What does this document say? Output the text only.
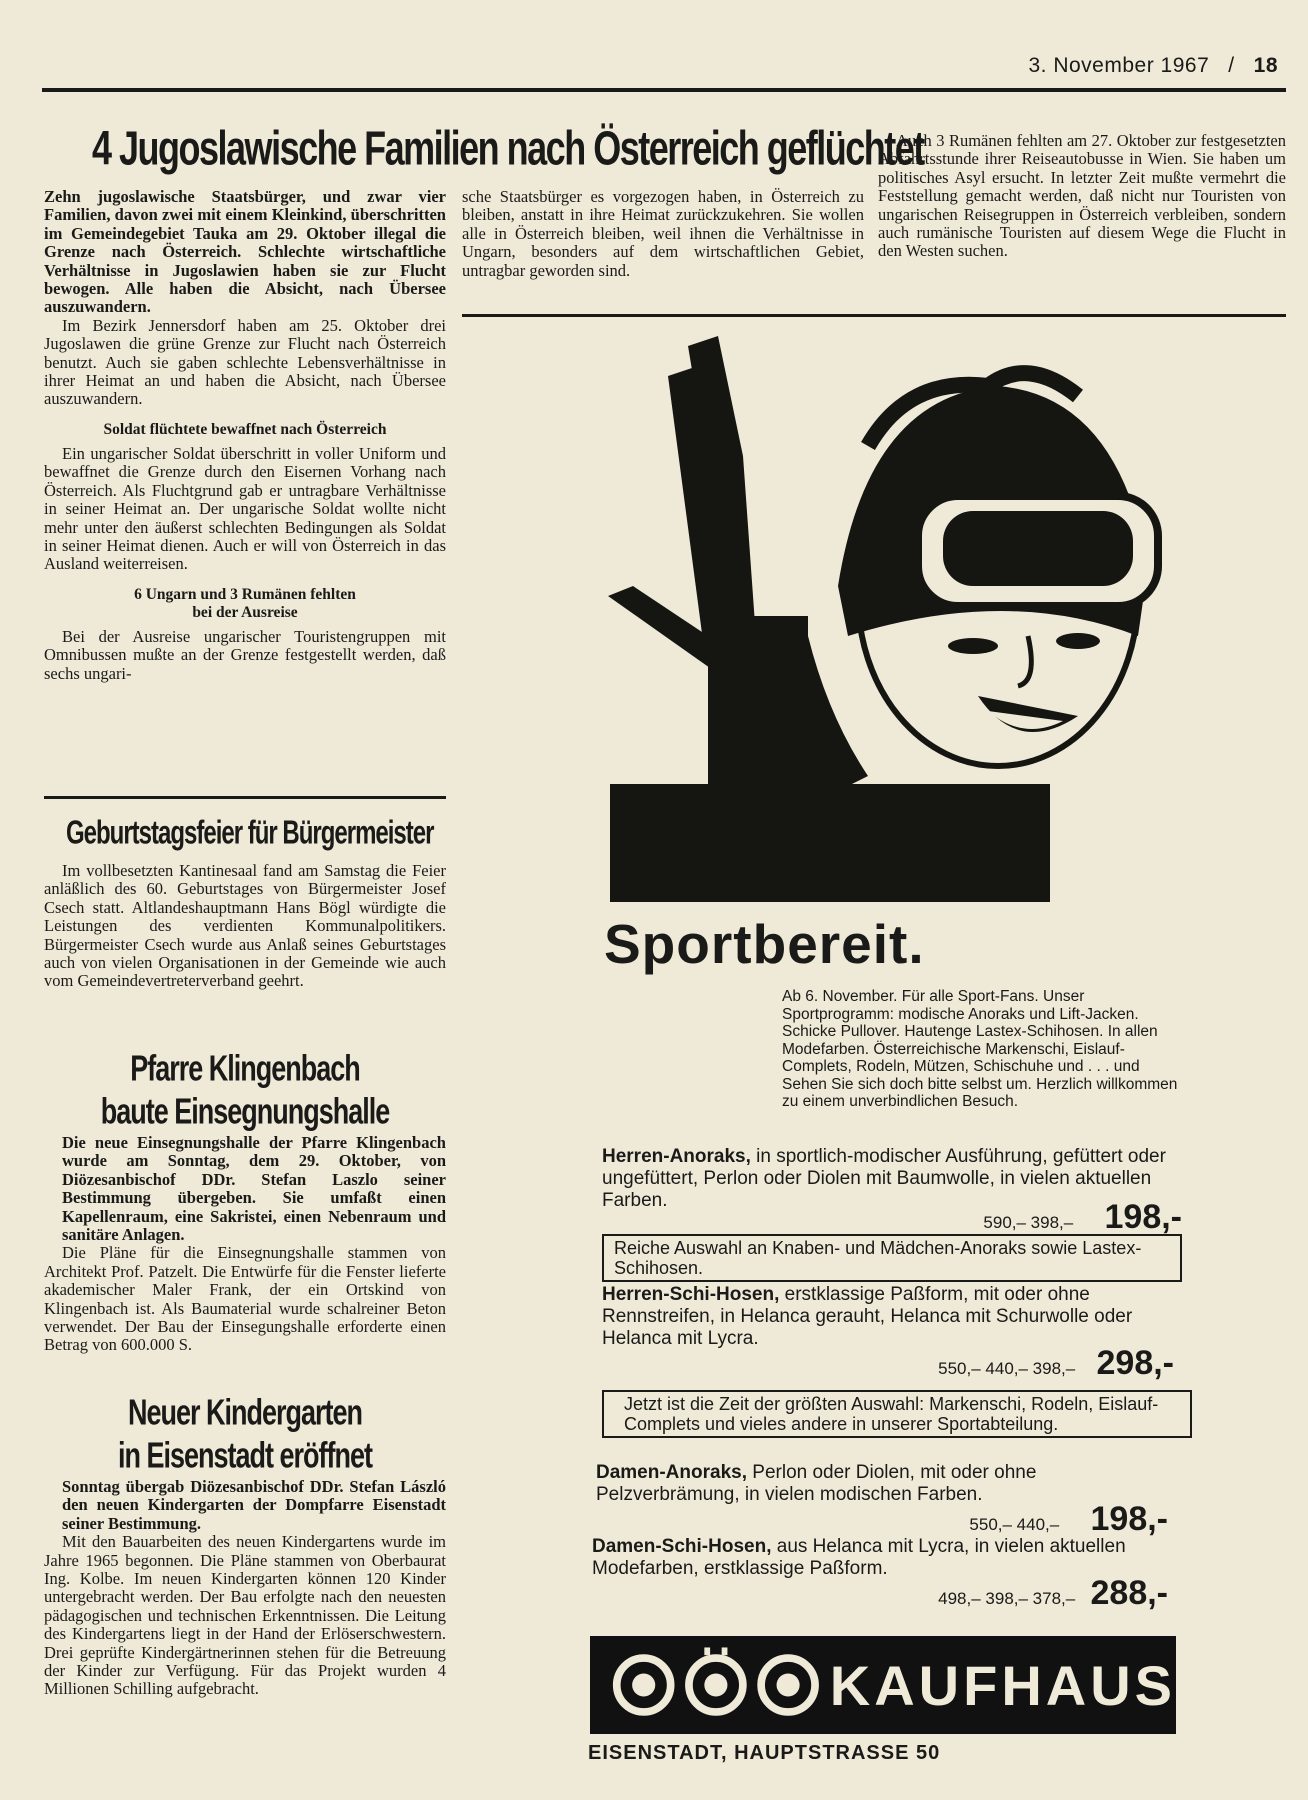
3. November 1967 / 18
4 Jugoslawische Familien nach Österreich geflüchtet

Zehn jugoslawische Staatsbürger, und zwar vier Familien, davon zwei mit einem Kleinkind, überschritten im Gemeindegebiet Tauka am 29. Oktober illegal die Grenze nach Österreich. Schlechte wirtschaftliche Verhältnisse in Jugoslawien haben sie zur Flucht bewogen. Alle haben die Absicht, nach Übersee auszuwandern.

Im Bezirk Jennersdorf haben am 25. Oktober drei Jugoslawen die grüne Grenze zur Flucht nach Österreich benutzt. Auch sie gaben schlechte Lebensverhältnisse in ihrer Heimat an und haben die Absicht, nach Übersee auszuwandern.

Soldat flüchtete bewaffnet nach Österreich

Ein ungarischer Soldat überschritt in voller Uniform und bewaffnet die Grenze durch den Eisernen Vorhang nach Österreich. Als Fluchtgrund gab er untragbare Verhältnisse in seiner Heimat an. Der ungarische Soldat wollte nicht mehr unter den äußerst schlechten Bedingungen als Soldat in seiner Heimat dienen. Auch er will von Österreich in das Ausland weiterreisen.

6 Ungarn und 3 Rumänen fehlten
bei der Ausreise

Bei der Ausreise ungarischer Touristengruppen mit Omnibussen mußte an der Grenze festgestellt werden, daß sechs ungari-

sche Staatsbürger es vorgezogen haben, in Österreich zu bleiben, anstatt in ihre Heimat zurückzukehren. Sie wollen alle in Österreich bleiben, weil ihnen die Verhältnisse in Ungarn, besonders auf dem wirtschaftlichen Gebiet, untragbar geworden sind.

Auch 3 Rumänen fehlten am 27. Oktober zur festgesetzten Abfahrtsstunde ihrer Reiseautobusse in Wien. Sie haben um politisches Asyl ersucht. In letzter Zeit mußte vermehrt die Feststellung gemacht werden, daß nicht nur Touristen von ungarischen Reisegruppen in Österreich verbleiben, sondern auch rumänische Touristen auf diesem Wege die Flucht in den Westen suchen.

Geburtstagsfeier für Bürgermeister

Im vollbesetzten Kantinesaal fand am Samstag die Feier anläßlich des 60. Geburtstages von Bürgermeister Josef Csech statt. Altlandeshauptmann Hans Bögl würdigte die Leistungen des verdienten Kommunalpolitikers. Bürgermeister Csech wurde aus Anlaß seines Geburtstages auch von vielen Organisationen in der Gemeinde wie auch vom Gemeindevertreterverband geehrt.

Pfarre Klingenbach
baute Einsegnungshalle

Die neue Einsegnungshalle der Pfarre Klingenbach wurde am Sonntag, dem 29. Oktober, von Diözesanbischof DDr. Stefan Laszlo seiner Bestimmung übergeben. Sie umfaßt einen Kapellenraum, eine Sakristei, einen Nebenraum und sanitäre Anlagen.

Die Pläne für die Einsegnungshalle stammen von Architekt Prof. Patzelt. Die Entwürfe für die Fenster lieferte akademischer Maler Frank, der ein Ortskind von Klingenbach ist. Als Baumaterial wurde schalreiner Beton verwendet. Der Bau der Einsegungshalle erforderte einen Betrag von 600.000 S.

Neuer Kindergarten
in Eisenstadt eröffnet

Sonntag übergab Diözesanbischof DDr. Stefan László den neuen Kindergarten der Dompfarre Eisenstadt seiner Bestimmung.

Mit den Bauarbeiten des neuen Kindergartens wurde im Jahre 1965 begonnen. Die Pläne stammen von Oberbaurat Ing. Kolbe. Im neuen Kindergarten können 120 Kinder untergebracht werden. Der Bau erfolgte nach den neuesten pädagogischen und technischen Erkenntnissen. Die Leitung des Kindergartens liegt in der Hand der Erlöserschwestern. Drei geprüfte Kindergärtnerinnen stehen für die Betreuung der Kinder zur Verfügung. Für das Projekt wurden 4 Millionen Schilling aufgebracht.

Sportbereit.
Ab 6. November. Für alle Sport-Fans. Unser Sportprogramm: modische Anoraks und Lift-Jacken. Schicke Pullover. Hautenge Lastex-Schihosen. In allen Modefarben. Österreichische Markenschi, Eislauf-Complets, Rodeln, Mützen, Schischuhe und . . . und Sehen Sie sich doch bitte selbst um. Herzlich willkommen zu einem unverbindlichen Besuch.
Herren-Anoraks, in sportlich-modischer Ausführung, gefüttert oder ungefüttert, Perlon oder Diolen mit Baumwolle, in vielen aktuellen Farben.
590,– 398,– 198,-
Reiche Auswahl an Knaben- und Mädchen-Anoraks sowie Lastex-Schihosen.
Herren-Schi-Hosen, erstklassige Paßform, mit oder ohne Rennstreifen, in Helanca gerauht, Helanca mit Schurwolle oder Helanca mit Lycra.
550,– 440,– 398,– 298,-
Jetzt ist die Zeit der größten Auswahl: Markenschi, Rodeln, Eislauf-Complets und vieles andere in unserer Sportabteilung.
Damen-Anoraks, Perlon oder Diolen, mit oder ohne Pelzverbrämung, in vielen modischen Farben.
550,– 440,– 198,-
Damen-Schi-Hosen, aus Helanca mit Lycra, in vielen aktuellen Modefarben, erstklassige Paßform.
498,– 398,– 378,– 288,-
KAUFHAUS
EISENSTADT, HAUPTSTRASSE 50
